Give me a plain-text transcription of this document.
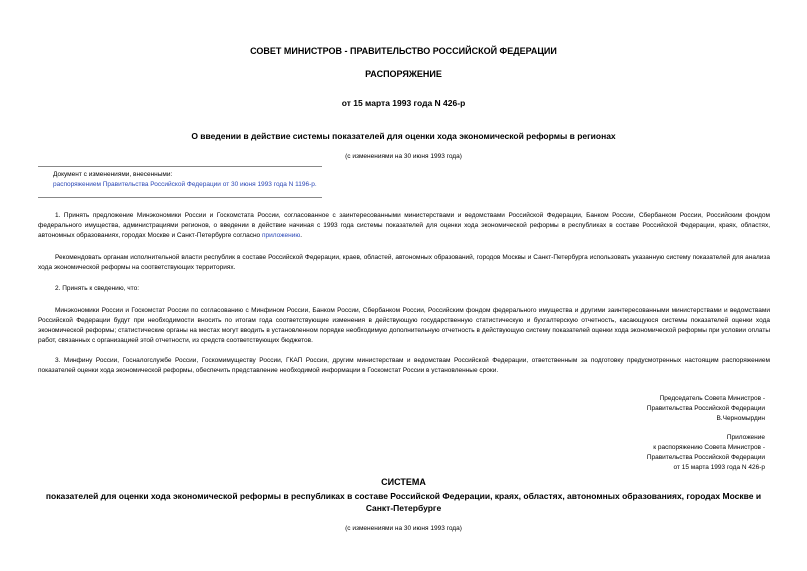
СОВЕТ МИНИСТРОВ - ПРАВИТЕЛЬСТВО РОССИЙСКОЙ ФЕДЕРАЦИИ
РАСПОРЯЖЕНИЕ
от 15 марта 1993 года N 426-р
О введении в действие системы показателей для оценки хода экономической реформы в регионах
(с изменениями на 30 июня 1993 года)
Документ с изменениями, внесенными:
распоряжением Правительства Российской Федерации от 30 июня 1993 года N 1196-р.

1. Принять предложение Минэкономики России и Госкомстата России, согласованное с заинтересованными министерствами и ведомствами Российской Федерации, Банком России, Сбербанком России, Российским фондом федерального имущества, администрациями регионов, о введении в действие начиная с 1993 года системы показателей для оценки хода экономической реформы в республиках в составе Российской Федерации, краях, областях, автономных образованиях, городах Москве и Санкт-Петербурге согласно приложению.

Рекомендовать органам исполнительной власти республик в составе Российской Федерации, краев, областей, автономных образований, городов Москвы и Санкт-Петербурга использовать указанную систему показателей для анализа хода экономической реформы на соответствующих территориях.

2. Принять к сведению, что:

Минэкономики России и Госкомстат России по согласованию с Минфином России, Банком России, Сбербанком России, Российским фондом федерального имущества и другими заинтересованными министерствами и ведомствами Российской Федерации будут при необходимости вносить по итогам года соответствующие изменения в действующую государственную статистическую и бухгалтерскую отчетность, касающуюся системы показателей оценки хода экономической реформы; статистические органы на местах могут вводить в установленном порядке необходимую дополнительную отчетность в действующую систему показателей оценки хода экономической реформы при условии оплаты работ, связанных с организацией этой отчетности, из средств соответствующих бюджетов.

3. Минфину России, Госналогслужбе России, Госкомимуществу России, ГКАП России, другим министерствам и ведомствам Российской Федерации, ответственным за подготовку предусмотренных настоящим распоряжением показателей оценки хода экономической реформы, обеспечить представление необходимой информации в Госкомстат России в установленные сроки.

Председатель Совета Министров -
Правительства Российской Федерации
В.Черномырдин
Приложение
к распоряжению Совета Министров -
Правительства Российской Федерации
от 15 марта 1993 года N 426-р
СИСТЕМА
показателей для оценки хода экономической реформы в республиках в составе Российской Федерации, краях, областях, автономных образованиях, городах Москве и Санкт-Петербурге
(с изменениями на 30 июня 1993 года)
